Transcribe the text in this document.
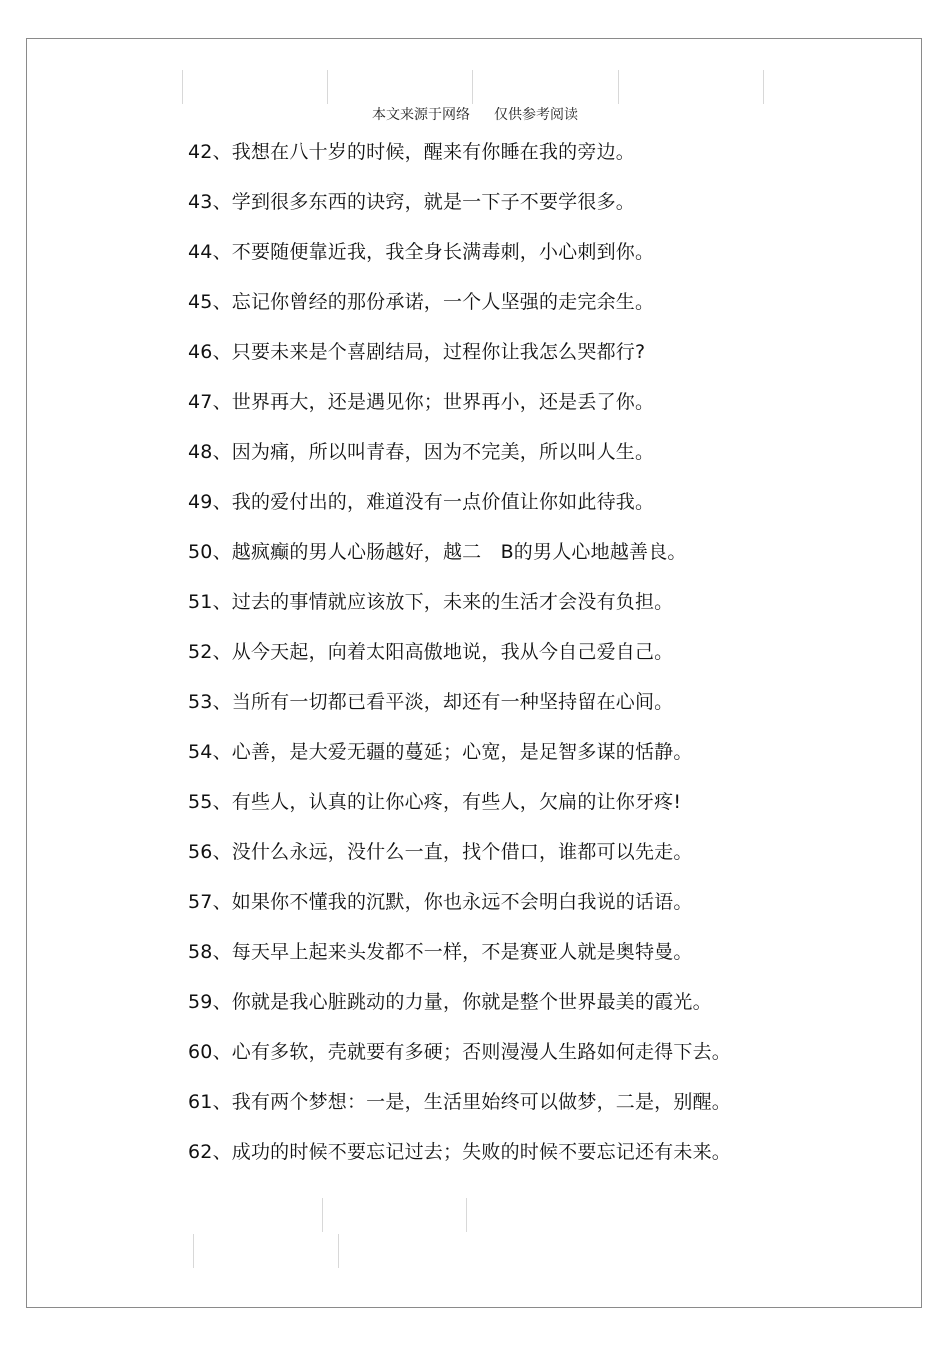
本文来源于网络 仅供参考阅读
42、我想在八十岁的时候，醒来有你睡在我的旁边。
43、学到很多东西的诀窍，就是一下子不要学很多。
44、不要随便靠近我，我全身长满毒刺，小心刺到你。
45、忘记你曾经的那份承诺，一个人坚强的走完余生。
46、只要未来是个喜剧结局，过程你让我怎么哭都行?
47、世界再大，还是遇见你；世界再小，还是丢了你。
48、因为痛，所以叫青春，因为不完美，所以叫人生。
49、我的爱付出的，难道没有一点价值让你如此待我。
50、越疯癫的男人心肠越好，越二　B的男人心地越善良。
51、过去的事情就应该放下，未来的生活才会没有负担。
52、从今天起，向着太阳高傲地说，我从今自己爱自己。
53、当所有一切都已看平淡，却还有一种坚持留在心间。
54、心善，是大爱无疆的蔓延；心宽，是足智多谋的恬静。
55、有些人，认真的让你心疼，有些人，欠扁的让你牙疼!
56、没什么永远，没什么一直，找个借口，谁都可以先走。
57、如果你不懂我的沉默，你也永远不会明白我说的话语。
58、每天早上起来头发都不一样，不是赛亚人就是奥特曼。
59、你就是我心脏跳动的力量，你就是整个世界最美的霞光。
60、心有多软，壳就要有多硬；否则漫漫人生路如何走得下去。
61、我有两个梦想：一是，生活里始终可以做梦，二是，别醒。
62、成功的时候不要忘记过去；失败的时候不要忘记还有未来。
